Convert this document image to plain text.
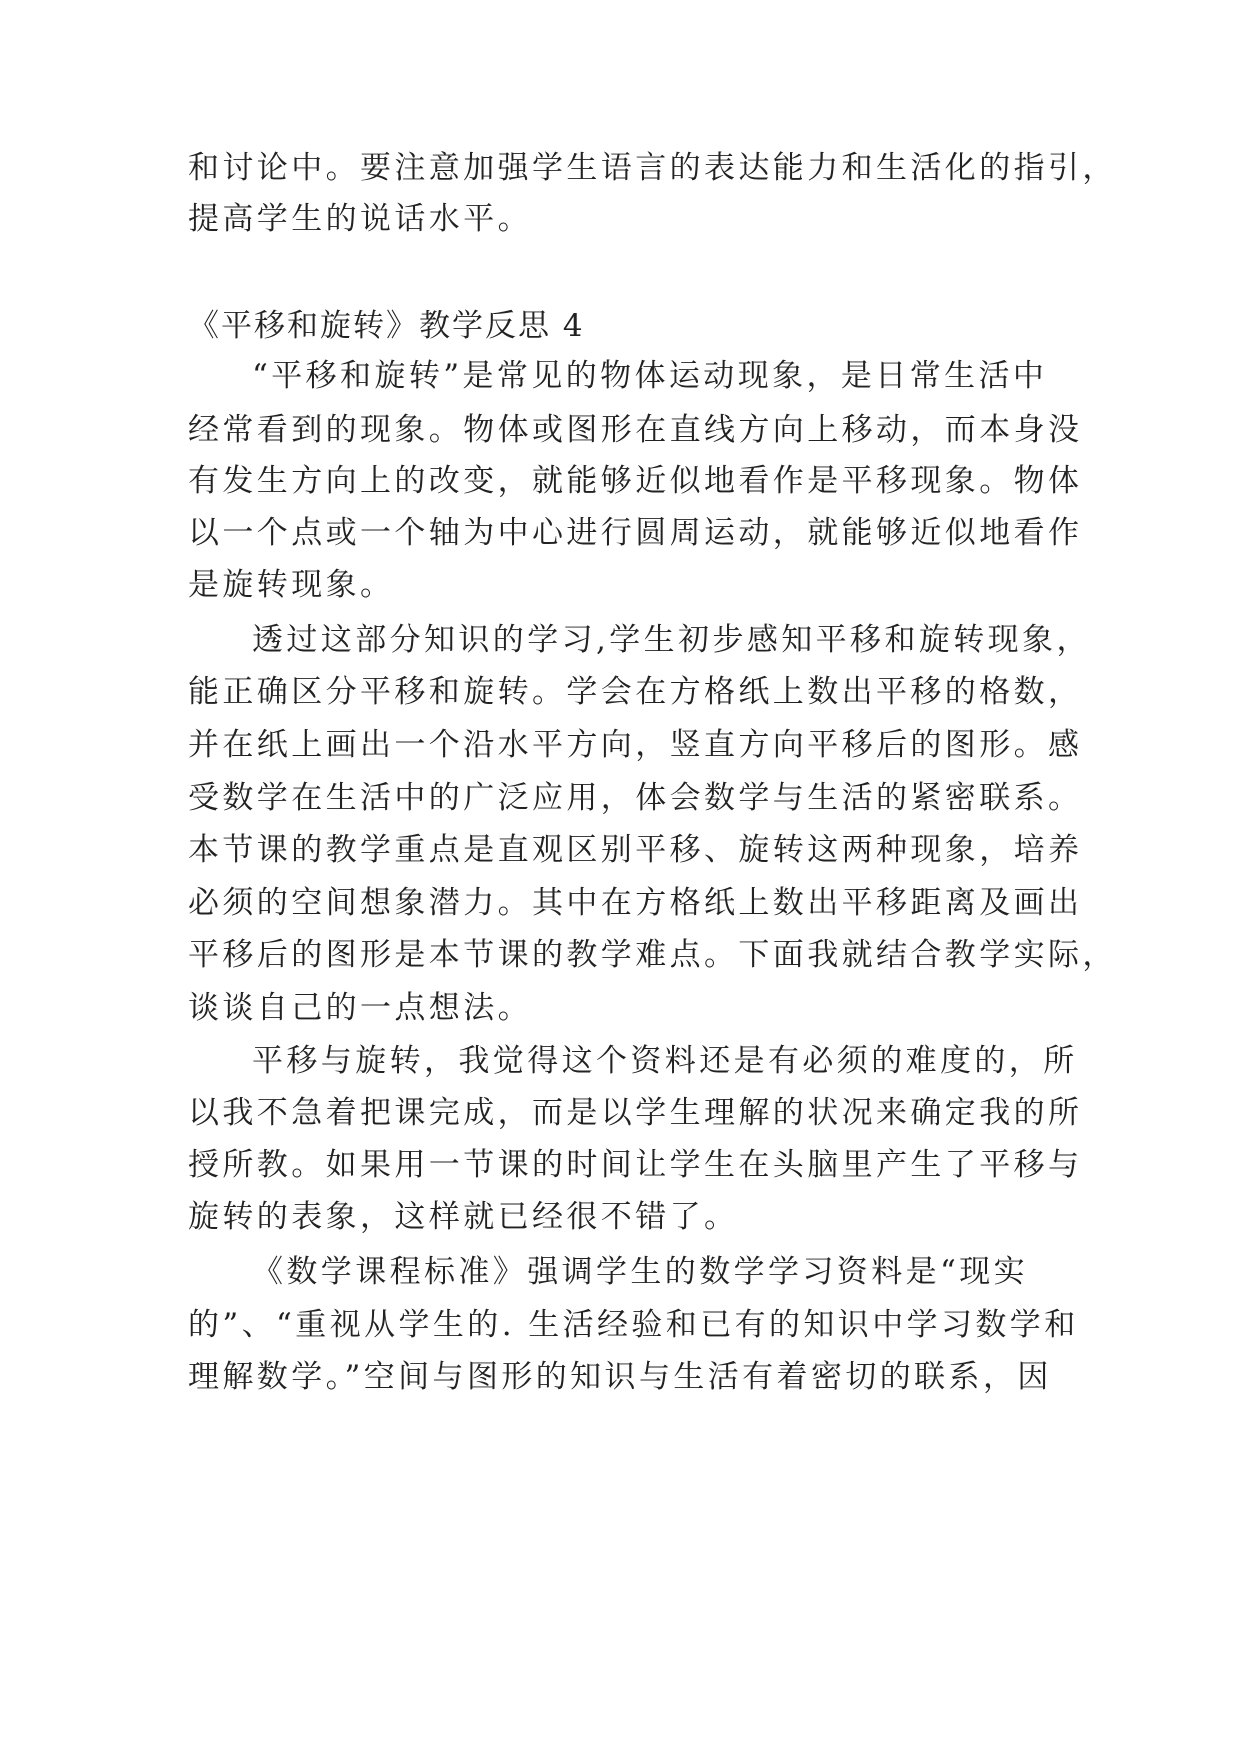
和讨论中。要注意加强学生语言的表达能力和生活化的指引，
提高学生的说话水平。
《平移和旋转》教学反思 4
“平移和旋转”是常见的物体运动现象，是日常生活中
经常看到的现象。物体或图形在直线方向上移动，而本身没
有发生方向上的改变，就能够近似地看作是平移现象。物体
以一个点或一个轴为中心进行圆周运动，就能够近似地看作
是旋转现象。
透过这部分知识的学习,学生初步感知平移和旋转现象，
能正确区分平移和旋转。学会在方格纸上数出平移的格数，
并在纸上画出一个沿水平方向，竖直方向平移后的图形。感
受数学在生活中的广泛应用，体会数学与生活的紧密联系。
本节课的教学重点是直观区别平移、旋转这两种现象，培养
必须的空间想象潜力。其中在方格纸上数出平移距离及画出
平移后的图形是本节课的教学难点。下面我就结合教学实际，
谈谈自己的一点想法。
平移与旋转，我觉得这个资料还是有必须的难度的，所
以我不急着把课完成，而是以学生理解的状况来确定我的所
授所教。如果用一节课的时间让学生在头脑里产生了平移与
旋转的表象，这样就已经很不错了。
《数学课程标准》强调学生的数学学习资料是“现实
的”、“重视从学生的. 生活经验和已有的知识中学习数学和
理解数学。”空间与图形的知识与生活有着密切的联系，因
